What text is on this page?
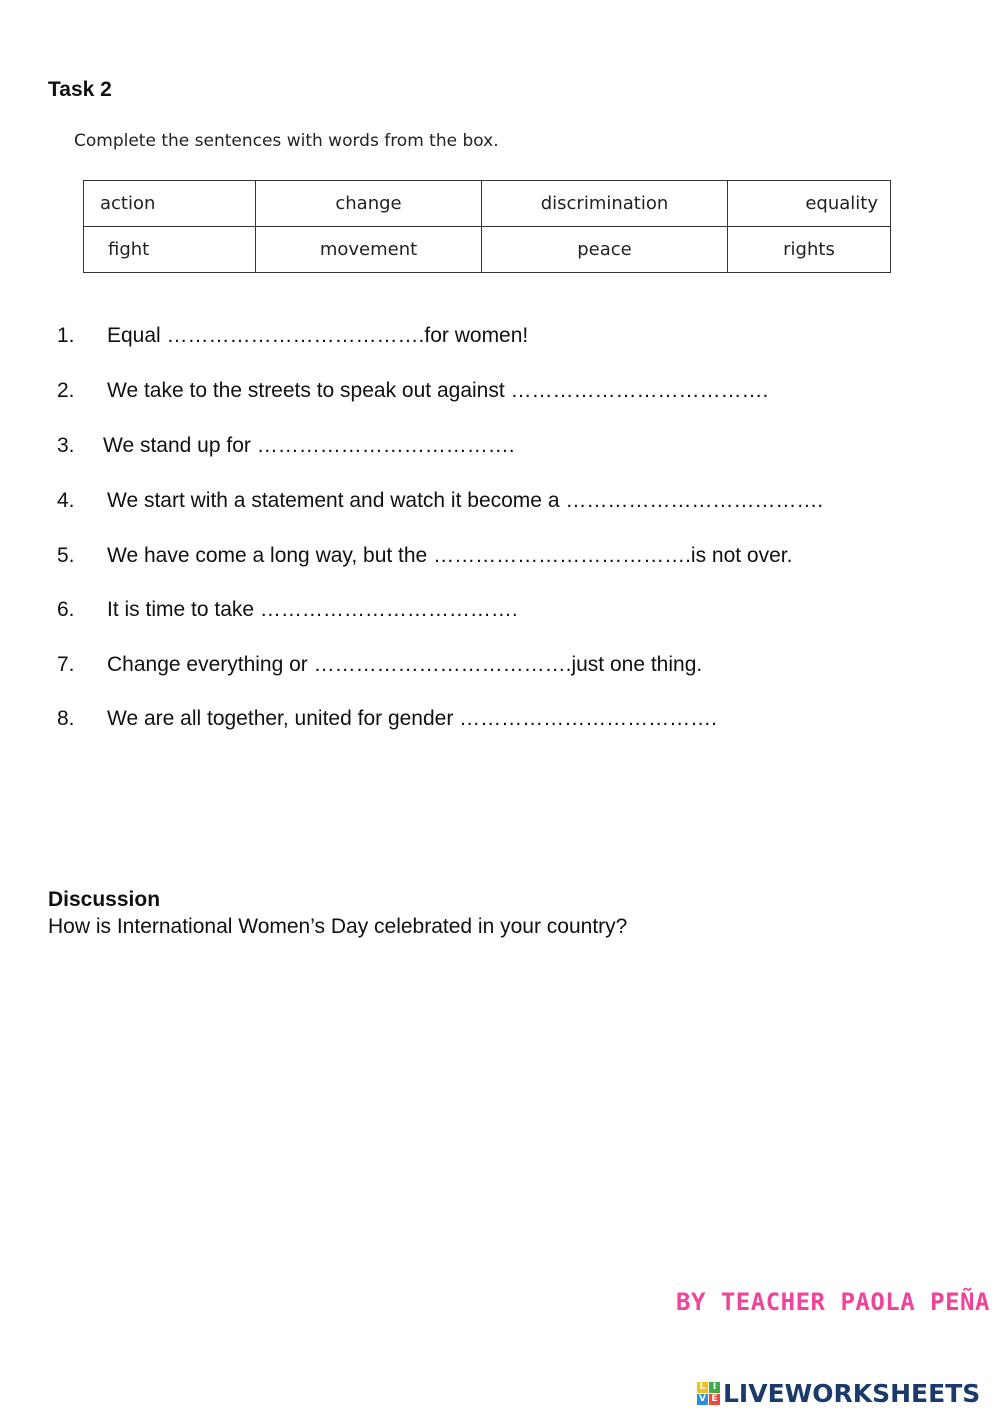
Task 2
Complete the sentences with words from the box.
action	change	discrimination	equality
fight	movement	peace	rights
1. Equal ……………………………….for women!
2. We take to the streets to speak out against ……………………………….
3. We stand up for ……………………………….
4. We start with a statement and watch it become a ……………………………….
5. We have come a long way, but the ……………………………….is not over.
6. It is time to take ……………………………….
7. Change everything or ……………………………….just one thing.
8. We are all together, united for gender ……………………………….
Discussion
How is International Women’s Day celebrated in your country?
BY TEACHER PAOLA PEÑA
L I
V E LIVEWORKSHEETS
